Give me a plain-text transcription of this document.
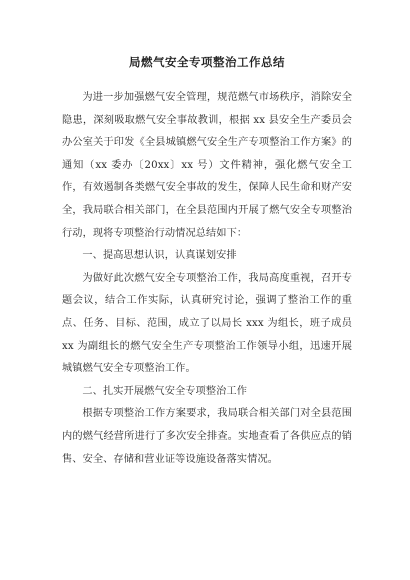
局燃气安全专项整治工作总结

为进一步加强燃气安全管理，规范燃气市场秩序，消除安全隐患，深刻吸取燃气安全事故教训，根据 xx 县安全生产委员会办公室关于印发《全县城镇燃气安全生产专项整治工作方案》的通知（xx 委办〔20xx〕xx 号）文件精神，强化燃气安全工作，有效遏制各类燃气安全事故的发生，保障人民生命和财产安全，我局联合相关部门，在全县范围内开展了燃气安全专项整治行动，现将专项整治行动情况总结如下：

一、提高思想认识，认真谋划安排

为做好此次燃气安全专项整治工作，我局高度重视，召开专题会议，结合工作实际，认真研究讨论，强调了整治工作的重点、任务、目标、范围，成立了以局长 xxx 为组长，班子成员 xx 为副组长的燃气安全生产专项整治工作领导小组，迅速开展城镇燃气安全专项整治工作。

二、扎实开展燃气安全专项整治工作

根据专项整治工作方案要求，我局联合相关部门对全县范围内的燃气经营所进行了多次安全排查。实地查看了各供应点的销售、安全、存储和营业证等设施设备落实情况。
